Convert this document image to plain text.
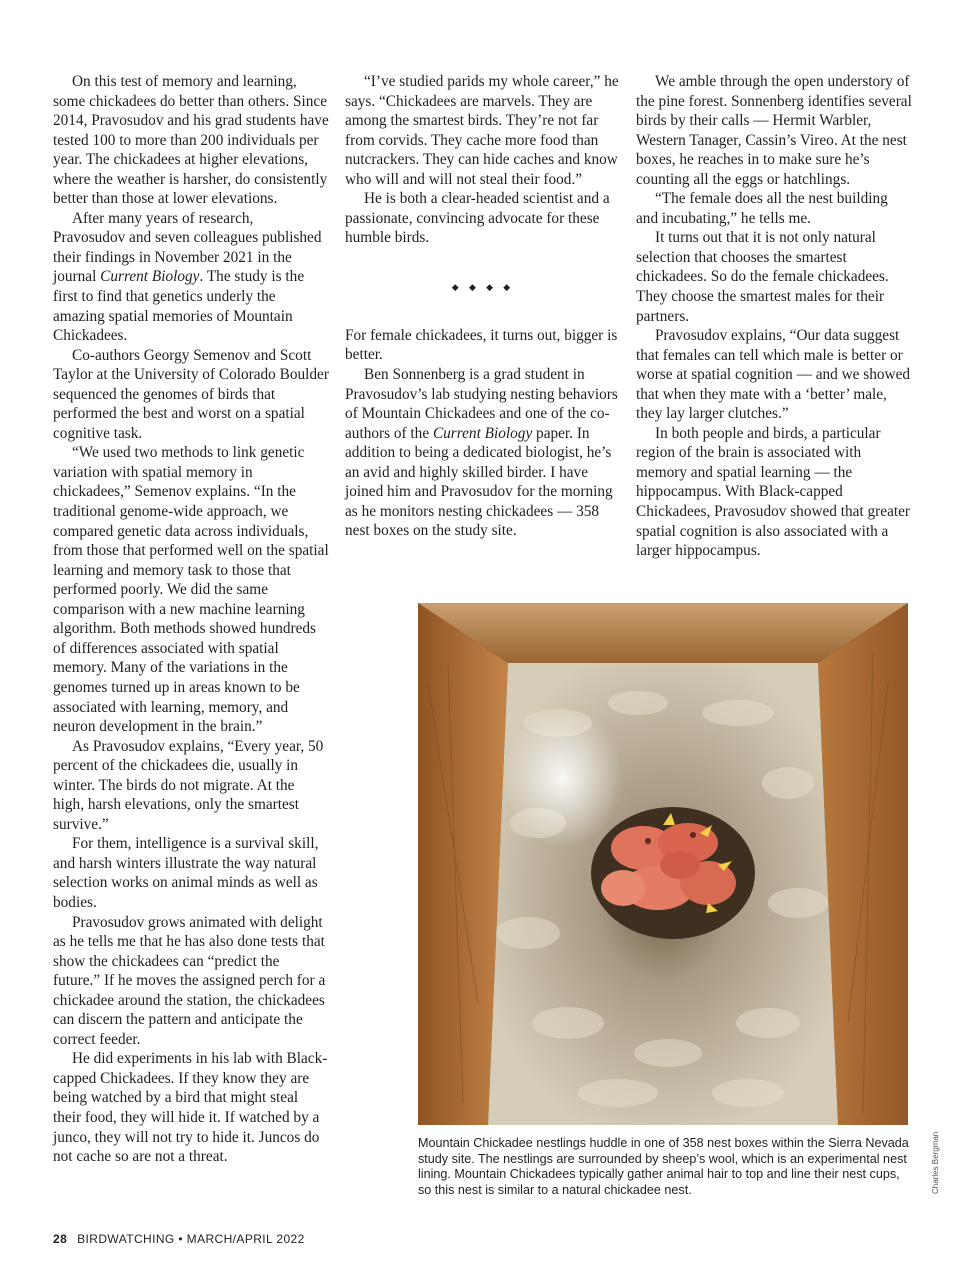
On this test of memory and learning, some chickadees do better than others. Since 2014, Pravosudov and his grad students have tested 100 to more than 200 individuals per year. The chickadees at higher elevations, where the weather is harsher, do consistently better than those at lower elevations.

After many years of research, Pravosudov and seven colleagues published their findings in November 2021 in the journal Current Biology. The study is the first to find that genetics underly the amazing spatial memories of Mountain Chickadees.

Co-authors Georgy Semenov and Scott Taylor at the University of Colorado Boulder sequenced the genomes of birds that performed the best and worst on a spatial cognitive task.

“We used two methods to link genetic variation with spatial memory in chickadees,” Semenov explains. “In the traditional genome-wide approach, we compared genetic data across individuals, from those that performed well on the spatial learning and memory task to those that performed poorly. We did the same comparison with a new machine learning algorithm. Both methods showed hundreds of differences associated with spatial memory. Many of the variations in the genomes turned up in areas known to be associated with learning, memory, and neuron development in the brain.”

As Pravosudov explains, “Every year, 50 percent of the chickadees die, usually in winter. The birds do not migrate. At the high, harsh elevations, only the smartest survive.”

For them, intelligence is a survival skill, and harsh winters illustrate the way natural selection works on animal minds as well as bodies.

Pravosudov grows animated with delight as he tells me that he has also done tests that show the chickadees can “predict the future.” If he moves the assigned perch for a chickadee around the station, the chickadees can discern the pattern and anticipate the correct feeder.

He did experiments in his lab with Black-capped Chickadees. If they know they are being watched by a bird that might steal their food, they will hide it. If watched by a junco, they will not try to hide it. Juncos do not cache so are not a threat.

“I’ve studied parids my whole career,” he says. “Chickadees are marvels. They are among the smartest birds. They’re not far from corvids. They cache more food than nutcrackers. They can hide caches and know who will and will not steal their food.”

He is both a clear-headed scientist and a passionate, convincing advocate for these humble birds.

◆ ◆ ◆ ◆

For female chickadees, it turns out, bigger is better.

Ben Sonnenberg is a grad student in Pravosudov’s lab studying nesting behaviors of Mountain Chickadees and one of the co-authors of the Current Biology paper. In addition to being a dedicated biologist, he’s an avid and highly skilled birder. I have joined him and Pravosudov for the morning as he monitors nesting chickadees — 358 nest boxes on the study site.

We amble through the open understory of the pine forest. Sonnenberg identifies several birds by their calls — Hermit Warbler, Western Tanager, Cassin’s Vireo. At the nest boxes, he reaches in to make sure he’s counting all the eggs or hatchlings.

“The female does all the nest building and incubating,” he tells me.

It turns out that it is not only natural selection that chooses the smartest chickadees. So do the female chickadees. They choose the smartest males for their partners.

Pravosudov explains, “Our data suggest that females can tell which male is better or worse at spatial cognition — and we showed that when they mate with a ‘better’ male, they lay larger clutches.”

In both people and birds, a particular region of the brain is associated with memory and spatial learning — the hippocampus. With Black-capped Chickadees, Pravosudov showed that greater spatial cognition is also associated with a larger hippocampus.

Mountain Chickadee nestlings huddle in one of 358 nest boxes within the Sierra Nevada study site. The nestlings are surrounded by sheep’s wool, which is an experimental nest lining. Mountain Chickadees typically gather animal hair to top and line their nest cups, so this nest is similar to a natural chickadee nest.	Charles Bergman
28 BIRDWATCHING • MARCH/APRIL 2022
